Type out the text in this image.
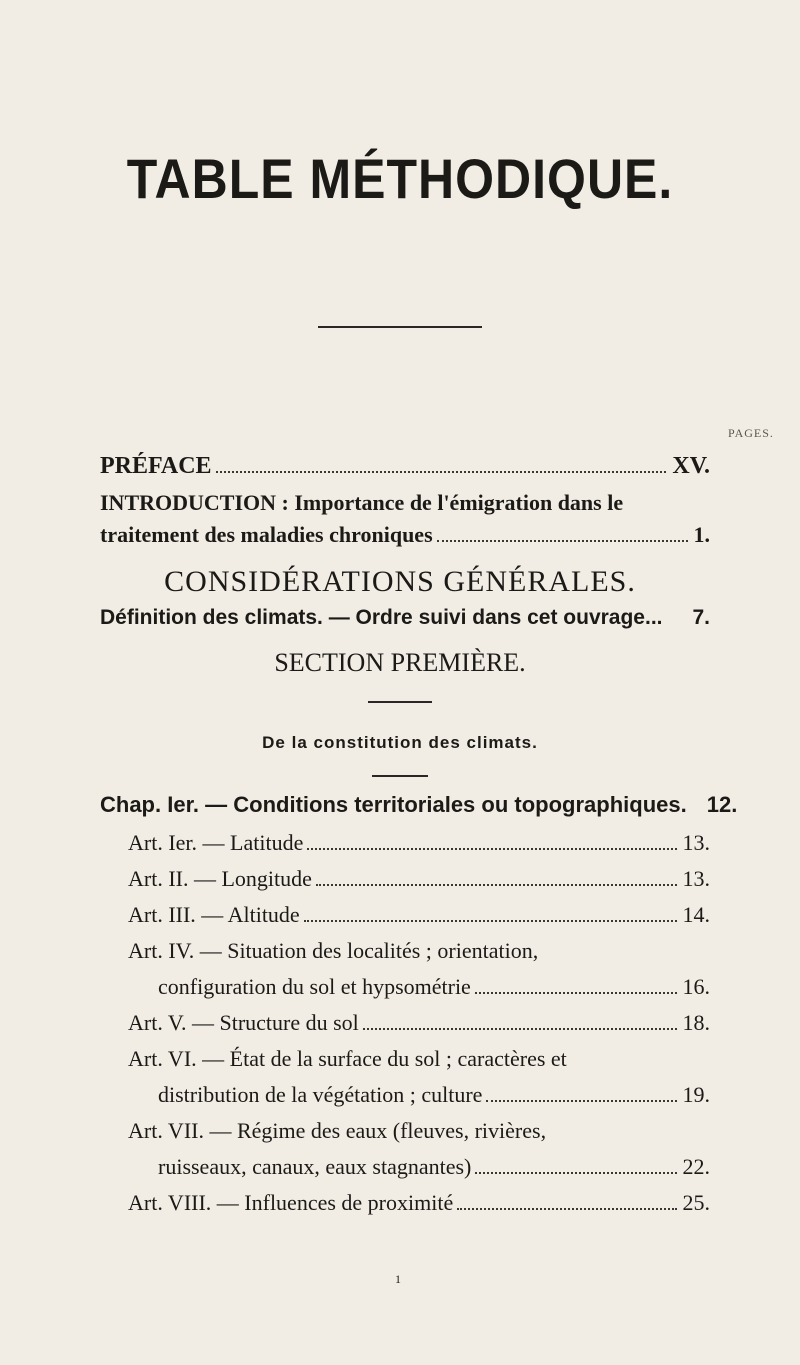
TABLE MÉTHODIQUE.
PAGES.
PRÉFACE	XV.
INTRODUCTION : Importance de l'émigration dans le
traitement des maladies chroniques	1.
CONSIDÉRATIONS GÉNÉRALES.
Définition des climats. — Ordre suivi dans cet ouvrage... 7.
SECTION PREMIÈRE.
De la constitution des climats.
Chap. Ier. — Conditions territoriales ou topographiques. 12.
Art. Ier. — Latitude	13.
Art. II. — Longitude	13.
Art. III. — Altitude	14.
Art. IV. — Situation des localités ; orientation,
configuration du sol et hypsométrie	16.
Art. V. — Structure du sol	18.
Art. VI. — État de la surface du sol ; caractères et
distribution de la végétation ; culture	19.
Art. VII. — Régime des eaux (fleuves, rivières,
ruisseaux, canaux, eaux stagnantes)	22.
Art. VIII. — Influences de proximité	25.
1
